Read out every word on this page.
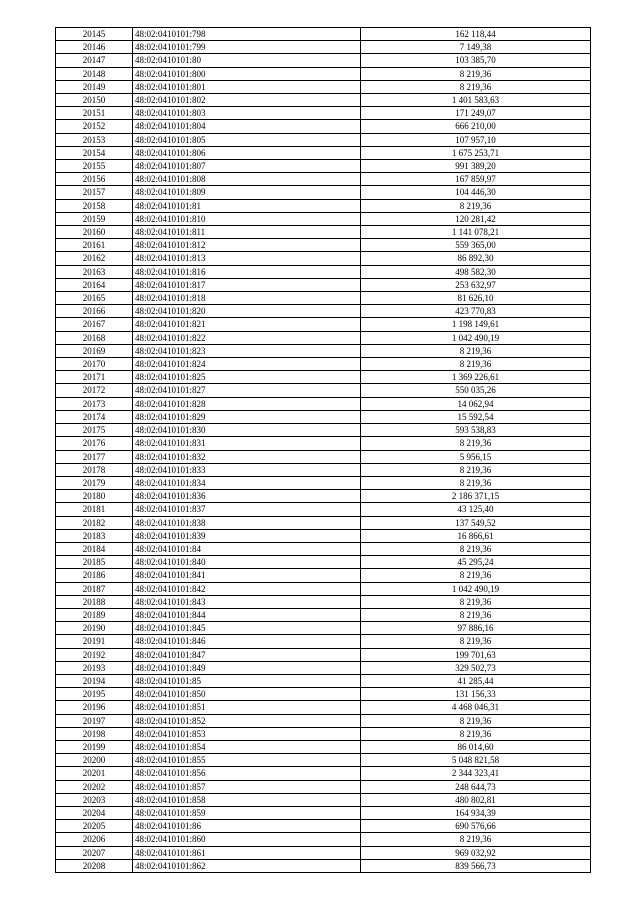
20145	48:02:0410101:798	162 118,44
20146	48:02:0410101:799	7 149,38
20147	48:02:0410101:80	103 385,70
20148	48:02:0410101:800	8 219,36
20149	48:02:0410101:801	8 219,36
20150	48:02:0410101:802	1 401 583,63
20151	48:02:0410101:803	171 249,07
20152	48:02:0410101:804	666 210,00
20153	48:02:0410101:805	107 957,10
20154	48:02:0410101:806	1 675 253,71
20155	48:02:0410101:807	991 389,20
20156	48:02:0410101:808	167 859,97
20157	48:02:0410101:809	104 446,30
20158	48:02:0410101:81	8 219,36
20159	48:02:0410101:810	120 281,42
20160	48:02:0410101:811	1 141 078,21
20161	48:02:0410101:812	559 365,00
20162	48:02:0410101:813	86 892,30
20163	48:02:0410101:816	498 582,30
20164	48:02:0410101:817	253 632,97
20165	48:02:0410101:818	81 626,10
20166	48:02:0410101:820	423 770,83
20167	48:02:0410101:821	1 198 149,61
20168	48:02:0410101:822	1 042 490,19
20169	48:02:0410101:823	8 219,36
20170	48:02:0410101:824	8 219,36
20171	48:02:0410101:825	1 369 226,61
20172	48:02:0410101:827	550 035,26
20173	48:02:0410101:828	14 062,94
20174	48:02:0410101:829	15 592,54
20175	48:02:0410101:830	593 538,83
20176	48:02:0410101:831	8 219,36
20177	48:02:0410101:832	5 956,15
20178	48:02:0410101:833	8 219,36
20179	48:02:0410101:834	8 219,36
20180	48:02:0410101:836	2 186 371,15
20181	48:02:0410101:837	43 125,40
20182	48:02:0410101:838	137 549,52
20183	48:02:0410101:839	16 866,61
20184	48:02:0410101:84	8 219,36
20185	48:02:0410101:840	45 295,24
20186	48:02:0410101:841	8 219,36
20187	48:02:0410101:842	1 042 490,19
20188	48:02:0410101:843	8 219,36
20189	48:02:0410101:844	8 219,36
20190	48:02:0410101:845	97 886,16
20191	48:02:0410101:846	8 219,36
20192	48:02:0410101:847	199 701,63
20193	48:02:0410101:849	329 502,73
20194	48:02:0410101:85	41 285,44
20195	48:02:0410101:850	131 156,33
20196	48:02:0410101:851	4 468 046,31
20197	48:02:0410101:852	8 219,36
20198	48:02:0410101:853	8 219,36
20199	48:02:0410101:854	86 014,60
20200	48:02:0410101:855	5 048 821,58
20201	48:02:0410101:856	2 344 323,41
20202	48:02:0410101:857	248 644,73
20203	48:02:0410101:858	480 802,81
20204	48:02:0410101:859	164 934,39
20205	48:02:0410101:86	690 576,66
20206	48:02:0410101:860	8 219,36
20207	48:02:0410101:861	969 032,92
20208	48:02:0410101:862	839 566,73
